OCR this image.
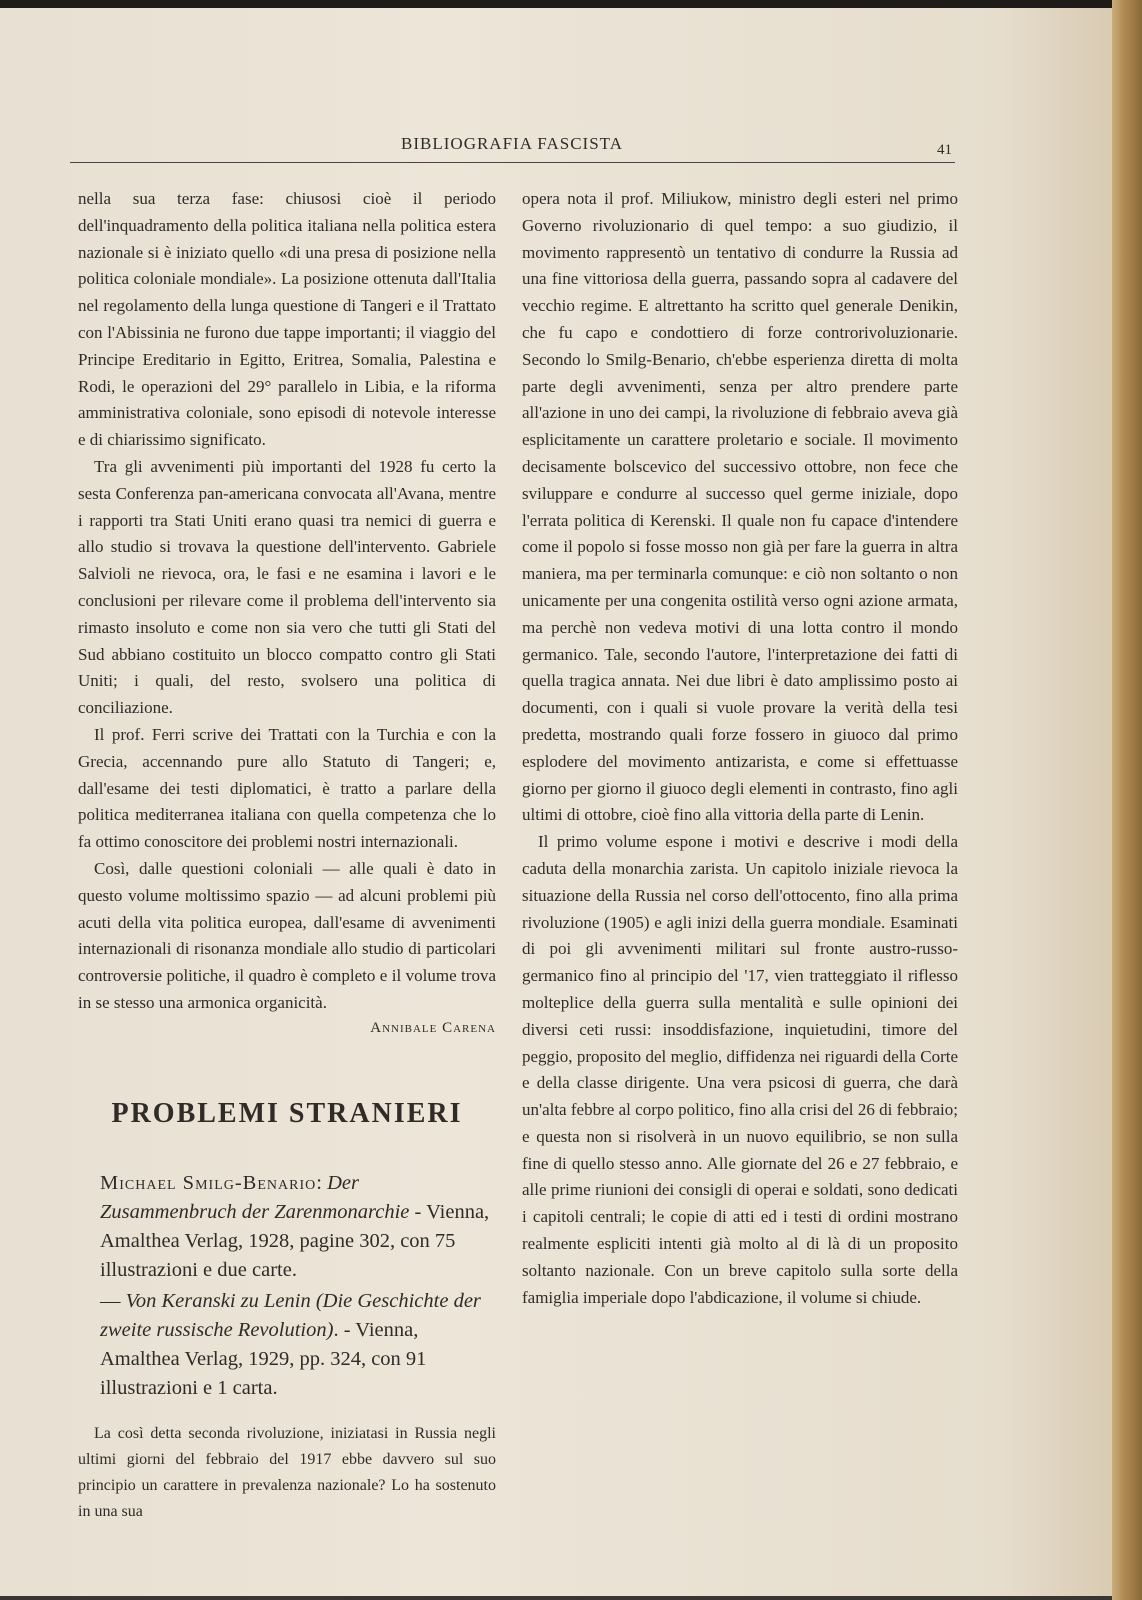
BIBLIOGRAFIA FASCISTA	41

nella sua terza fase: chiusosi cioè il periodo dell'inquadramento della politica italiana nella politica estera nazionale si è iniziato quello «di una presa di posizione nella politica coloniale mondiale». La posizione ottenuta dall'Italia nel regolamento della lunga questione di Tangeri e il Trattato con l'Abissinia ne furono due tappe importanti; il viaggio del Principe Ereditario in Egitto, Eritrea, Somalia, Palestina e Rodi, le operazioni del 29° parallelo in Libia, e la riforma amministrativa coloniale, sono episodi di notevole interesse e di chiarissimo significato.

Tra gli avvenimenti più importanti del 1928 fu certo la sesta Conferenza pan-americana convocata all'Avana, mentre i rapporti tra Stati Uniti erano quasi tra nemici di guerra e allo studio si trovava la questione dell'intervento. Gabriele Salvioli ne rievoca, ora, le fasi e ne esamina i lavori e le conclusioni per rilevare come il problema dell'intervento sia rimasto insoluto e come non sia vero che tutti gli Stati del Sud abbiano costituito un blocco compatto contro gli Stati Uniti; i quali, del resto, svolsero una politica di conciliazione.

Il prof. Ferri scrive dei Trattati con la Turchia e con la Grecia, accennando pure allo Statuto di Tangeri; e, dall'esame dei testi diplomatici, è tratto a parlare della politica mediterranea italiana con quella competenza che lo fa ottimo conoscitore dei problemi nostri internazionali.

Così, dalle questioni coloniali — alle quali è dato in questo volume moltissimo spazio — ad alcuni problemi più acuti della vita politica europea, dall'esame di avvenimenti internazionali di risonanza mondiale allo studio di particolari controversie politiche, il quadro è completo e il volume trova in se stesso una armonica organicità.

Annibale Carena
PROBLEMI STRANIERI

Michael Smilg-Benario: Der Zusammenbruch der Zarenmonarchie - Vienna, Amalthea Verlag, 1928, pagine 302, con 75 illustrazioni e due carte.

— Von Keranski zu Lenin (Die Geschichte der zweite russische Revolution). - Vienna, Amalthea Verlag, 1929, pp. 324, con 91 illustrazioni e 1 carta.

La così detta seconda rivoluzione, iniziatasi in Russia negli ultimi giorni del febbraio del 1917 ebbe davvero sul suo principio un carattere in prevalenza nazionale? Lo ha sostenuto in una sua

opera nota il prof. Miliukow, ministro degli esteri nel primo Governo rivoluzionario di quel tempo: a suo giudizio, il movimento rappresentò un tentativo di condurre la Russia ad una fine vittoriosa della guerra, passando sopra al cadavere del vecchio regime. E altrettanto ha scritto quel generale Denikin, che fu capo e condottiero di forze controrivoluzionarie. Secondo lo Smilg-Benario, ch'ebbe esperienza diretta di molta parte degli avvenimenti, senza per altro prendere parte all'azione in uno dei campi, la rivoluzione di febbraio aveva già esplicitamente un carattere proletario e sociale. Il movimento decisamente bolscevico del successivo ottobre, non fece che sviluppare e condurre al successo quel germe iniziale, dopo l'errata politica di Kerenski. Il quale non fu capace d'intendere come il popolo si fosse mosso non già per fare la guerra in altra maniera, ma per terminarla comunque: e ciò non soltanto o non unicamente per una congenita ostilità verso ogni azione armata, ma perchè non vedeva motivi di una lotta contro il mondo germanico. Tale, secondo l'autore, l'interpretazione dei fatti di quella tragica annata. Nei due libri è dato amplissimo posto ai documenti, con i quali si vuole provare la verità della tesi predetta, mostrando quali forze fossero in giuoco dal primo esplodere del movimento antizarista, e come si effettuasse giorno per giorno il giuoco degli elementi in contrasto, fino agli ultimi di ottobre, cioè fino alla vittoria della parte di Lenin.

Il primo volume espone i motivi e descrive i modi della caduta della monarchia zarista. Un capitolo iniziale rievoca la situazione della Russia nel corso dell'ottocento, fino alla prima rivoluzione (1905) e agli inizi della guerra mondiale. Esaminati di poi gli avvenimenti militari sul fronte austro-russo-germanico fino al principio del '17, vien tratteggiato il riflesso molteplice della guerra sulla mentalità e sulle opinioni dei diversi ceti russi: insoddisfazione, inquietudini, timore del peggio, proposito del meglio, diffidenza nei riguardi della Corte e della classe dirigente. Una vera psicosi di guerra, che darà un'alta febbre al corpo politico, fino alla crisi del 26 di febbraio; e questa non si risolverà in un nuovo equilibrio, se non sulla fine di quello stesso anno. Alle giornate del 26 e 27 febbraio, e alle prime riunioni dei consigli di operai e soldati, sono dedicati i capitoli centrali; le copie di atti ed i testi di ordini mostrano realmente espliciti intenti già molto al di là di un proposito soltanto nazionale. Con un breve capitolo sulla sorte della famiglia imperiale dopo l'abdicazione, il volume si chiude.
